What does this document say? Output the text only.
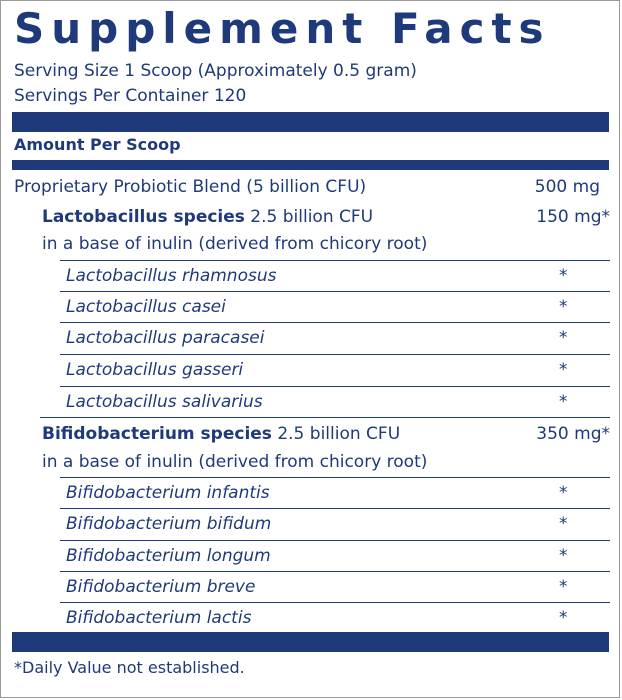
Supplement Facts
Serving Size 1 Scoop (Approximately 0.5 gram)
Servings Per Container 120
Amount Per Scoop
Proprietary Probiotic Blend (5 billion CFU)	500 mg
Lactobacillus species 2.5 billion CFU	150 mg*
in a base of inulin (derived from chicory root)
Lactobacillus rhamnosus	*
Lactobacillus casei	*
Lactobacillus paracasei	*
Lactobacillus gasseri	*
Lactobacillus salivarius	*
Bifidobacterium species 2.5 billion CFU	350 mg*
in a base of inulin (derived from chicory root)
Bifidobacterium infantis	*
Bifidobacterium bifidum	*
Bifidobacterium longum	*
Bifidobacterium breve	*
Bifidobacterium lactis	*
*Daily Value not established.
